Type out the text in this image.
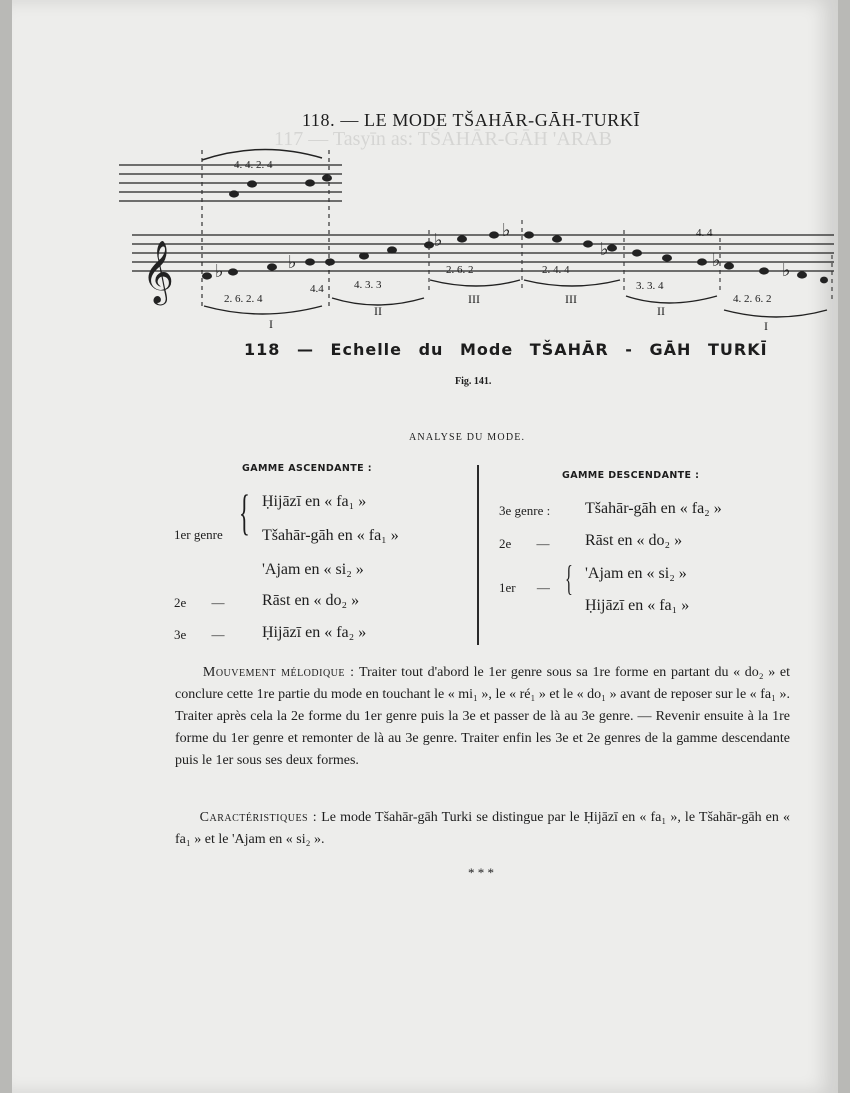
117 — Tasyīn as: TŠAHĀR-GĀH 'ARAB
118. — LE MODE TŠAHĀR-GĀH-TURKĪ
4. 4. 2. 4
𝄞 ♭	♭
♭	♭
♭
♭	♭
2. 6. 2. 4
4.4	4. 3. 3
2. 6. 2	2. 4. 4
3. 3. 4
4. 4
4. 2. 6. 2
I
II
III	III
II
I
118 — Echelle du Mode TŠAHĀR - GĀH TURKĪ
Fig. 141.
ANALYSE DU MODE.
GAMME ASCENDANTE :
GAMME DESCENDANTE :
1er genre { Ḥijāzī en « fa₁ »
Tšahār-gāh en « fa₁ »
'Ajam en « si₂ »
2e — Rāst en « do₂ »
3e — Ḥijāzī en « fa₂ »
3e genre : Tšahār-gāh en « fa₂ »
2e — Rāst en « do₂ »
1er — { 'Ajam en « si₂ »
Ḥijāzī en « fa₁ »
Mouvement mélodique : Traiter tout d'abord le 1er genre sous sa 1re forme en partant du « do₂ » et conclure cette 1re partie du mode en touchant le « mi₁ », le « ré₁ » et le « do₁ » avant de reposer sur le « fa₁ ». Traiter après cela la 2e forme du 1er genre puis la 3e et passer de là au 3e genre. — Revenir ensuite à la 1re forme du 1er genre et remonter de là au 3e genre. Traiter enfin les 3e et 2e genres de la gamme descendante puis le 1er sous ses deux formes.
Caractéristiques : Le mode Tšahār-gāh Turki se distingue par le Ḥijāzī en « fa₁ », le Tšahār-gāh en « fa₁ » et le 'Ajam en « si₂ ».
* * *
